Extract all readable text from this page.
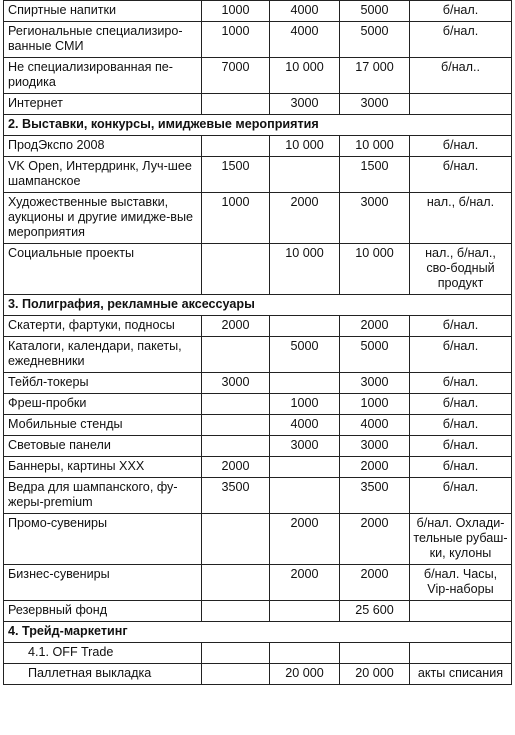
Спиртные напитки	1000	4000	5000	б/нал.
Региональные специализиро-ванные СМИ	1000	4000	5000	б/нал.
Не специализированная пе-риодика	7000	10 000	17 000	б/нал..
Интернет		3000	3000	
2. Выставки, конкурсы, имиджевые мероприятия				
ПродЭкспо 2008		10 000	10 000	б/нал.
VK Open, Интердринк, Луч-шее шампанское	1500		1500	б/нал.
Художественные выставки, аукционы и другие имидже-вые мероприятия	1000	2000	3000	нал., б/нал.
Социальные проекты		10 000	10 000	нал., б/нал., сво-бодный продукт
3. Полиграфия, рекламные аксессуары				
Скатерти, фартуки, подносы	2000		2000	б/нал.
Каталоги, календари, пакеты, ежедневники		5000	5000	б/нал.
Тейбл-токеры	3000		3000	б/нал.
Фреш-пробки		1000	1000	б/нал.
Мобильные стенды		4000	4000	б/нал.
Световые панели		3000	3000	б/нал.
Баннеры, картины XXX	2000		2000	б/нал.
Ведра для шампанского, фу-жеры-premium	3500		3500	б/нал.
Промо-сувениры		2000	2000	б/нал. Охлади-тельные рубаш-ки, кулоны
Бизнес-сувениры		2000	2000	б/нал. Часы, Vip-наборы
Резервный фонд			25 600	
4. Трейд-маркетинг				
4.1. OFF Trade				
Паллетная выкладка		20 000	20 000	акты списания
